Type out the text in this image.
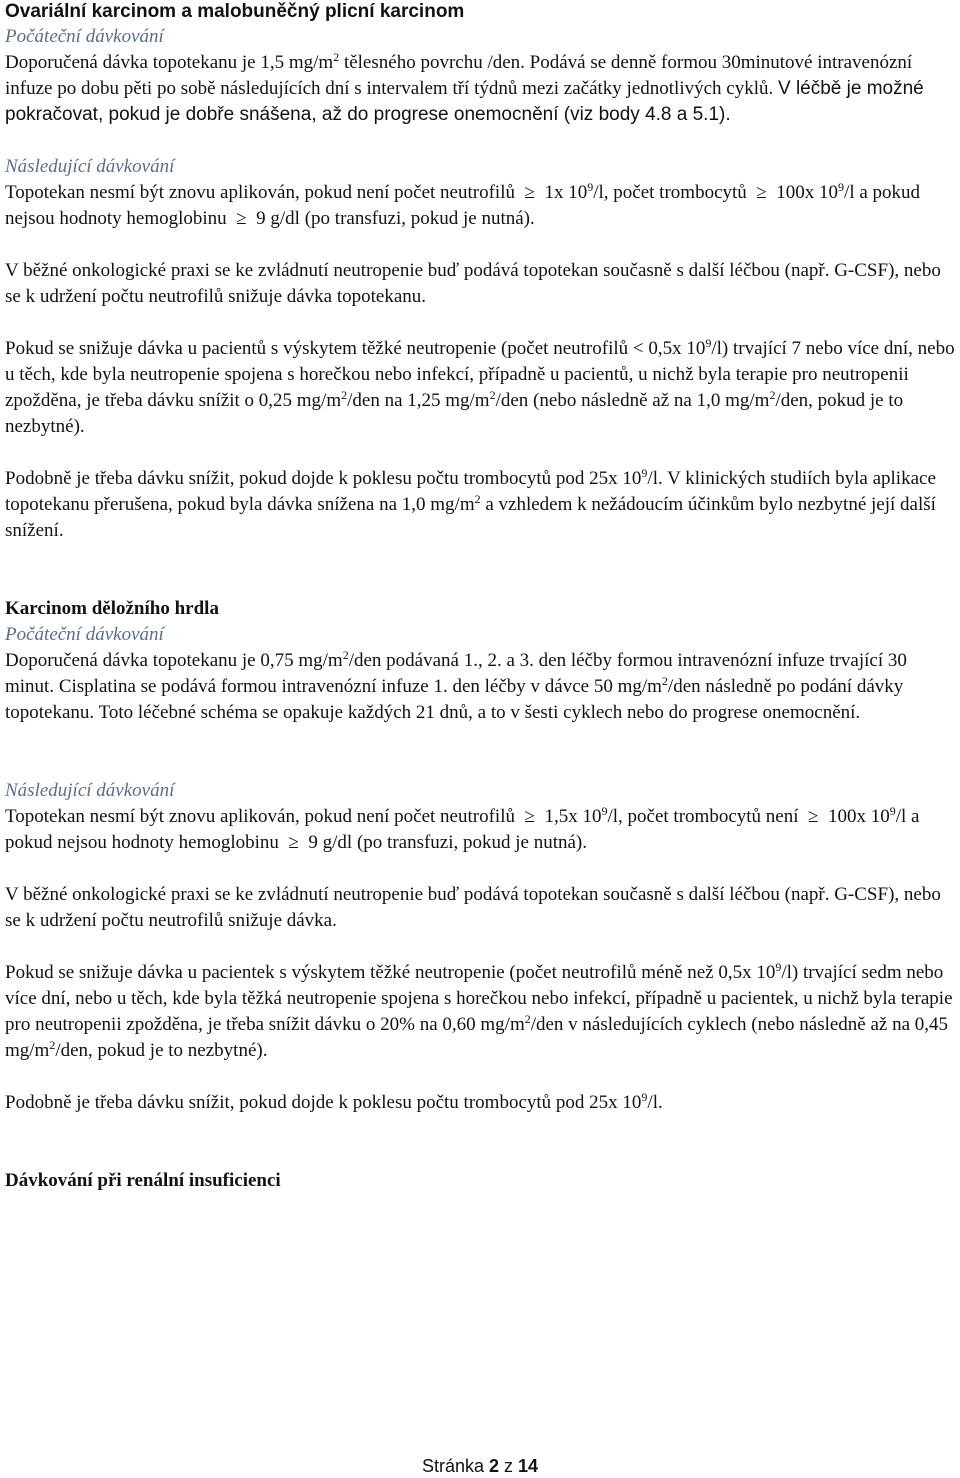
Ovariální karcinom a malobuněčný plicní karcinom
Počáteční dávkování

Doporučená dávka topotekanu je 1,5 $mg/m^2$ tělesného povrchu /den. Podává se denně formou 30minutové intravenózní infuze po dobu pěti po sobě následujících dní s intervalem tří týdnů mezi začátky jednotlivých cyklů. V léčbě je možné pokračovat, pokud je dobře snášena, až do progrese onemocnění (viz body 4.8 a 5.1).

Následující dávkování

Topotekan nesmí být znovu aplikován, pokud není počet neutrofilů ≥ 1x $10^9/l$, počet trombocytů ≥ 100x $10^9/l$ a pokud nejsou hodnoty hemoglobinu ≥ 9 g/dl (po transfuzi, pokud je nutná).

V běžné onkologické praxi se ke zvládnutí neutropenie buď podává topotekan současně s další léčbou (např. G-CSF), nebo se k udržení počtu neutrofilů snižuje dávka topotekanu.

Pokud se snižuje dávka u pacientů s výskytem těžké neutropenie (počet neutrofilů < 0,5x $10^9/l$) trvající 7 nebo více dní, nebo u těch, kde byla neutropenie spojena s horečkou nebo infekcí, případně u pacientů, u nichž byla terapie pro neutropenii zpožděna, je třeba dávku snížit o 0,25 $mg/m^2$/den na 1,25 $mg/m^2$/den (nebo následně až na 1,0 $mg/m^2$/den, pokud je to nezbytné).

Podobně je třeba dávku snížit, pokud dojde k poklesu počtu trombocytů pod 25x $10^9/l$. V klinických studiích byla aplikace topotekanu přerušena, pokud byla dávka snížena na 1,0 $mg/m^2$ a vzhledem k nežádoucím účinkům bylo nezbytné její další snížení.

Karcinom děložního hrdla
Počáteční dávkování

Doporučená dávka topotekanu je 0,75 $mg/m^2$/den podávaná 1., 2. a 3. den léčby formou intravenózní infuze trvající 30 minut. Cisplatina se podává formou intravenózní infuze 1. den léčby v dávce 50 $mg/m^2$/den následně po podání dávky topotekanu. Toto léčebné schéma se opakuje každých 21 dnů, a to v šesti cyklech nebo do progrese onemocnění.

Následující dávkování

Topotekan nesmí být znovu aplikován, pokud není počet neutrofilů ≥ 1,5x $10^9/l$, počet trombocytů není ≥ 100x $10^9/l$ a pokud nejsou hodnoty hemoglobinu ≥ 9 g/dl (po transfuzi, pokud je nutná).

V běžné onkologické praxi se ke zvládnutí neutropenie buď podává topotekan současně s další léčbou (např. G-CSF), nebo se k udržení počtu neutrofilů snižuje dávka.

Pokud se snižuje dávka u pacientek s výskytem těžké neutropenie (počet neutrofilů méně než 0,5x $10^9/l$) trvající sedm nebo více dní, nebo u těch, kde byla těžká neutropenie spojena s horečkou nebo infekcí, případně u pacientek, u nichž byla terapie pro neutropenii zpožděna, je třeba snížit dávku o 20% na 0,60 $mg/m^2$/den v následujících cyklech (nebo následně až na 0,45 $mg/m^2$/den, pokud je to nezbytné).

Podobně je třeba dávku snížit, pokud dojde k poklesu počtu trombocytů pod 25x $10^9/l$.

Dávkování při renální insuficienci
Stránka 2 z 14
